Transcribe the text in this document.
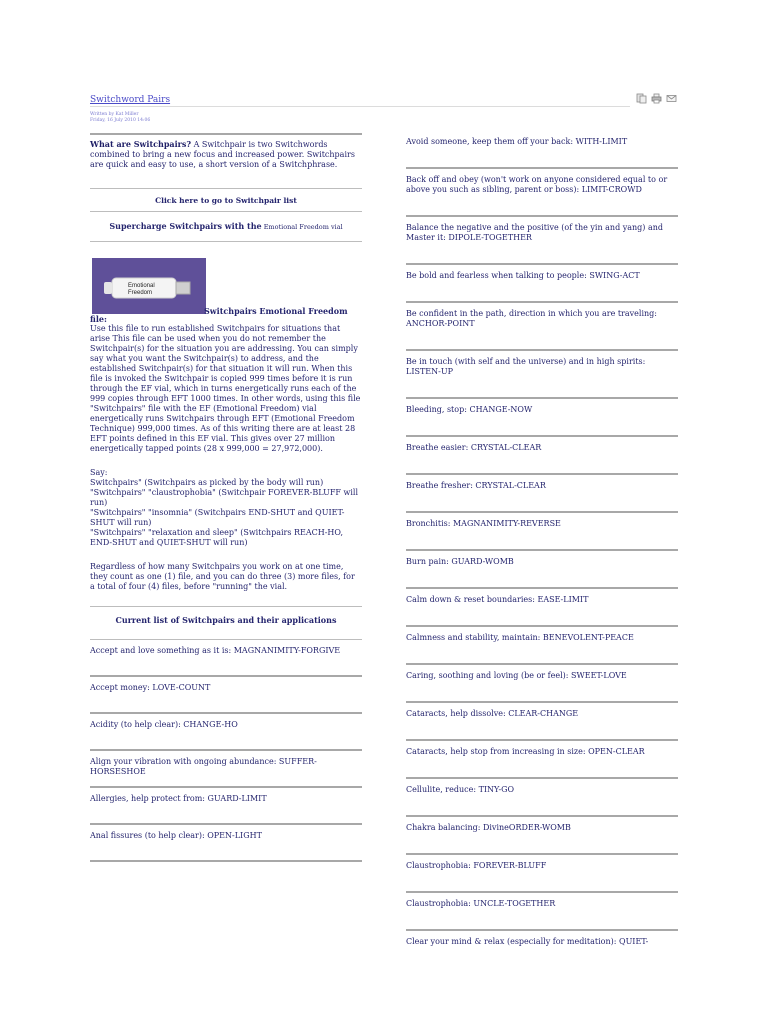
Switchword Pairs
Written by Kat Miller
Friday, 16 July 2010 14:06
What are Switchpairs? A Switchpair is two Switchwords combined to bring a new focus and increased power. Switchpairs are quick and easy to use, a short version of a Switchphrase.
Click here to go to Switchpair list
Supercharge Switchpairs with the Emotional Freedom vial
Emotional
Freedom
Switchpairs Emotional Freedom
file:

Use this file to run established Switchpairs for situations that arise This file can be used when you do not remember the Switchpair(s) for the situation you are addressing. You can simply say what you want the Switchpair(s) to address, and the established Switchpair(s) for that situation it will run. When this file is invoked the Switchpair is copied 999 times before it is run through the EF vial, which in turns energetically runs each of the 999 copies through EFT 1000 times. In other words, using this file "Switchpairs" file with the EF (Emotional Freedom) vial energetically runs Switchpairs through EFT (Emotional Freedom Technique) 999,000 times. As of this writing there are at least 28 EFT points defined in this EF vial. This gives over 27 million energetically tapped points (28 x 999,000 = 27,972,000).

Say:
Switchpairs" (Switchpairs as picked by the body will run)
"Switchpairs" "claustrophobia" (Switchpair FOREVER-BLUFF will run)
"Switchpairs" "insomnia" (Switchpairs END-SHUT and QUIET-SHUT will run)
"Switchpairs" "relaxation and sleep" (Switchpairs REACH-HO, END-SHUT and QUIET-SHUT will run)

Regardless of how many Switchpairs you work on at one time, they count as one (1) file, and you can do three (3) more files, for a total of four (4) files, before "running" the vial.

Current list of Switchpairs and their applications
Accept and love something as it is: MAGNANIMITY-FORGIVE
Accept money: LOVE-COUNT
Acidity (to help clear): CHANGE-HO
Align your vibration with ongoing abundance: SUFFER-HORSESHOE
Allergies, help protect from: GUARD-LIMIT
Anal fissures (to help clear): OPEN-LIGHT
Avoid someone, keep them off your back: WITH-LIMIT
Back off and obey (won't work on anyone considered equal to or above you such as sibling, parent or boss): LIMIT-CROWD
Balance the negative and the positive (of the yin and yang) and Master it: DIPOLE-TOGETHER
Be bold and fearless when talking to people: SWING-ACT
Be confident in the path, direction in which you are traveling: ANCHOR-POINT
Be in touch (with self and the universe) and in high spirits: LISTEN-UP
Bleeding, stop: CHANGE-NOW
Breathe easier: CRYSTAL-CLEAR
Breathe fresher: CRYSTAL-CLEAR
Bronchitis: MAGNANIMITY-REVERSE
Burn pain: GUARD-WOMB
Calm down & reset boundaries: EASE-LIMIT
Calmness and stability, maintain: BENEVOLENT-PEACE
Caring, soothing and loving (be or feel): SWEET-LOVE
Cataracts, help dissolve: CLEAR-CHANGE
Cataracts, help stop from increasing in size: OPEN-CLEAR
Cellulite, reduce: TINY-GO
Chakra balancing: DivineORDER-WOMB
Claustrophobia: FOREVER-BLUFF
Claustrophobia: UNCLE-TOGETHER
Clear your mind & relax (especially for meditation): QUIET-
